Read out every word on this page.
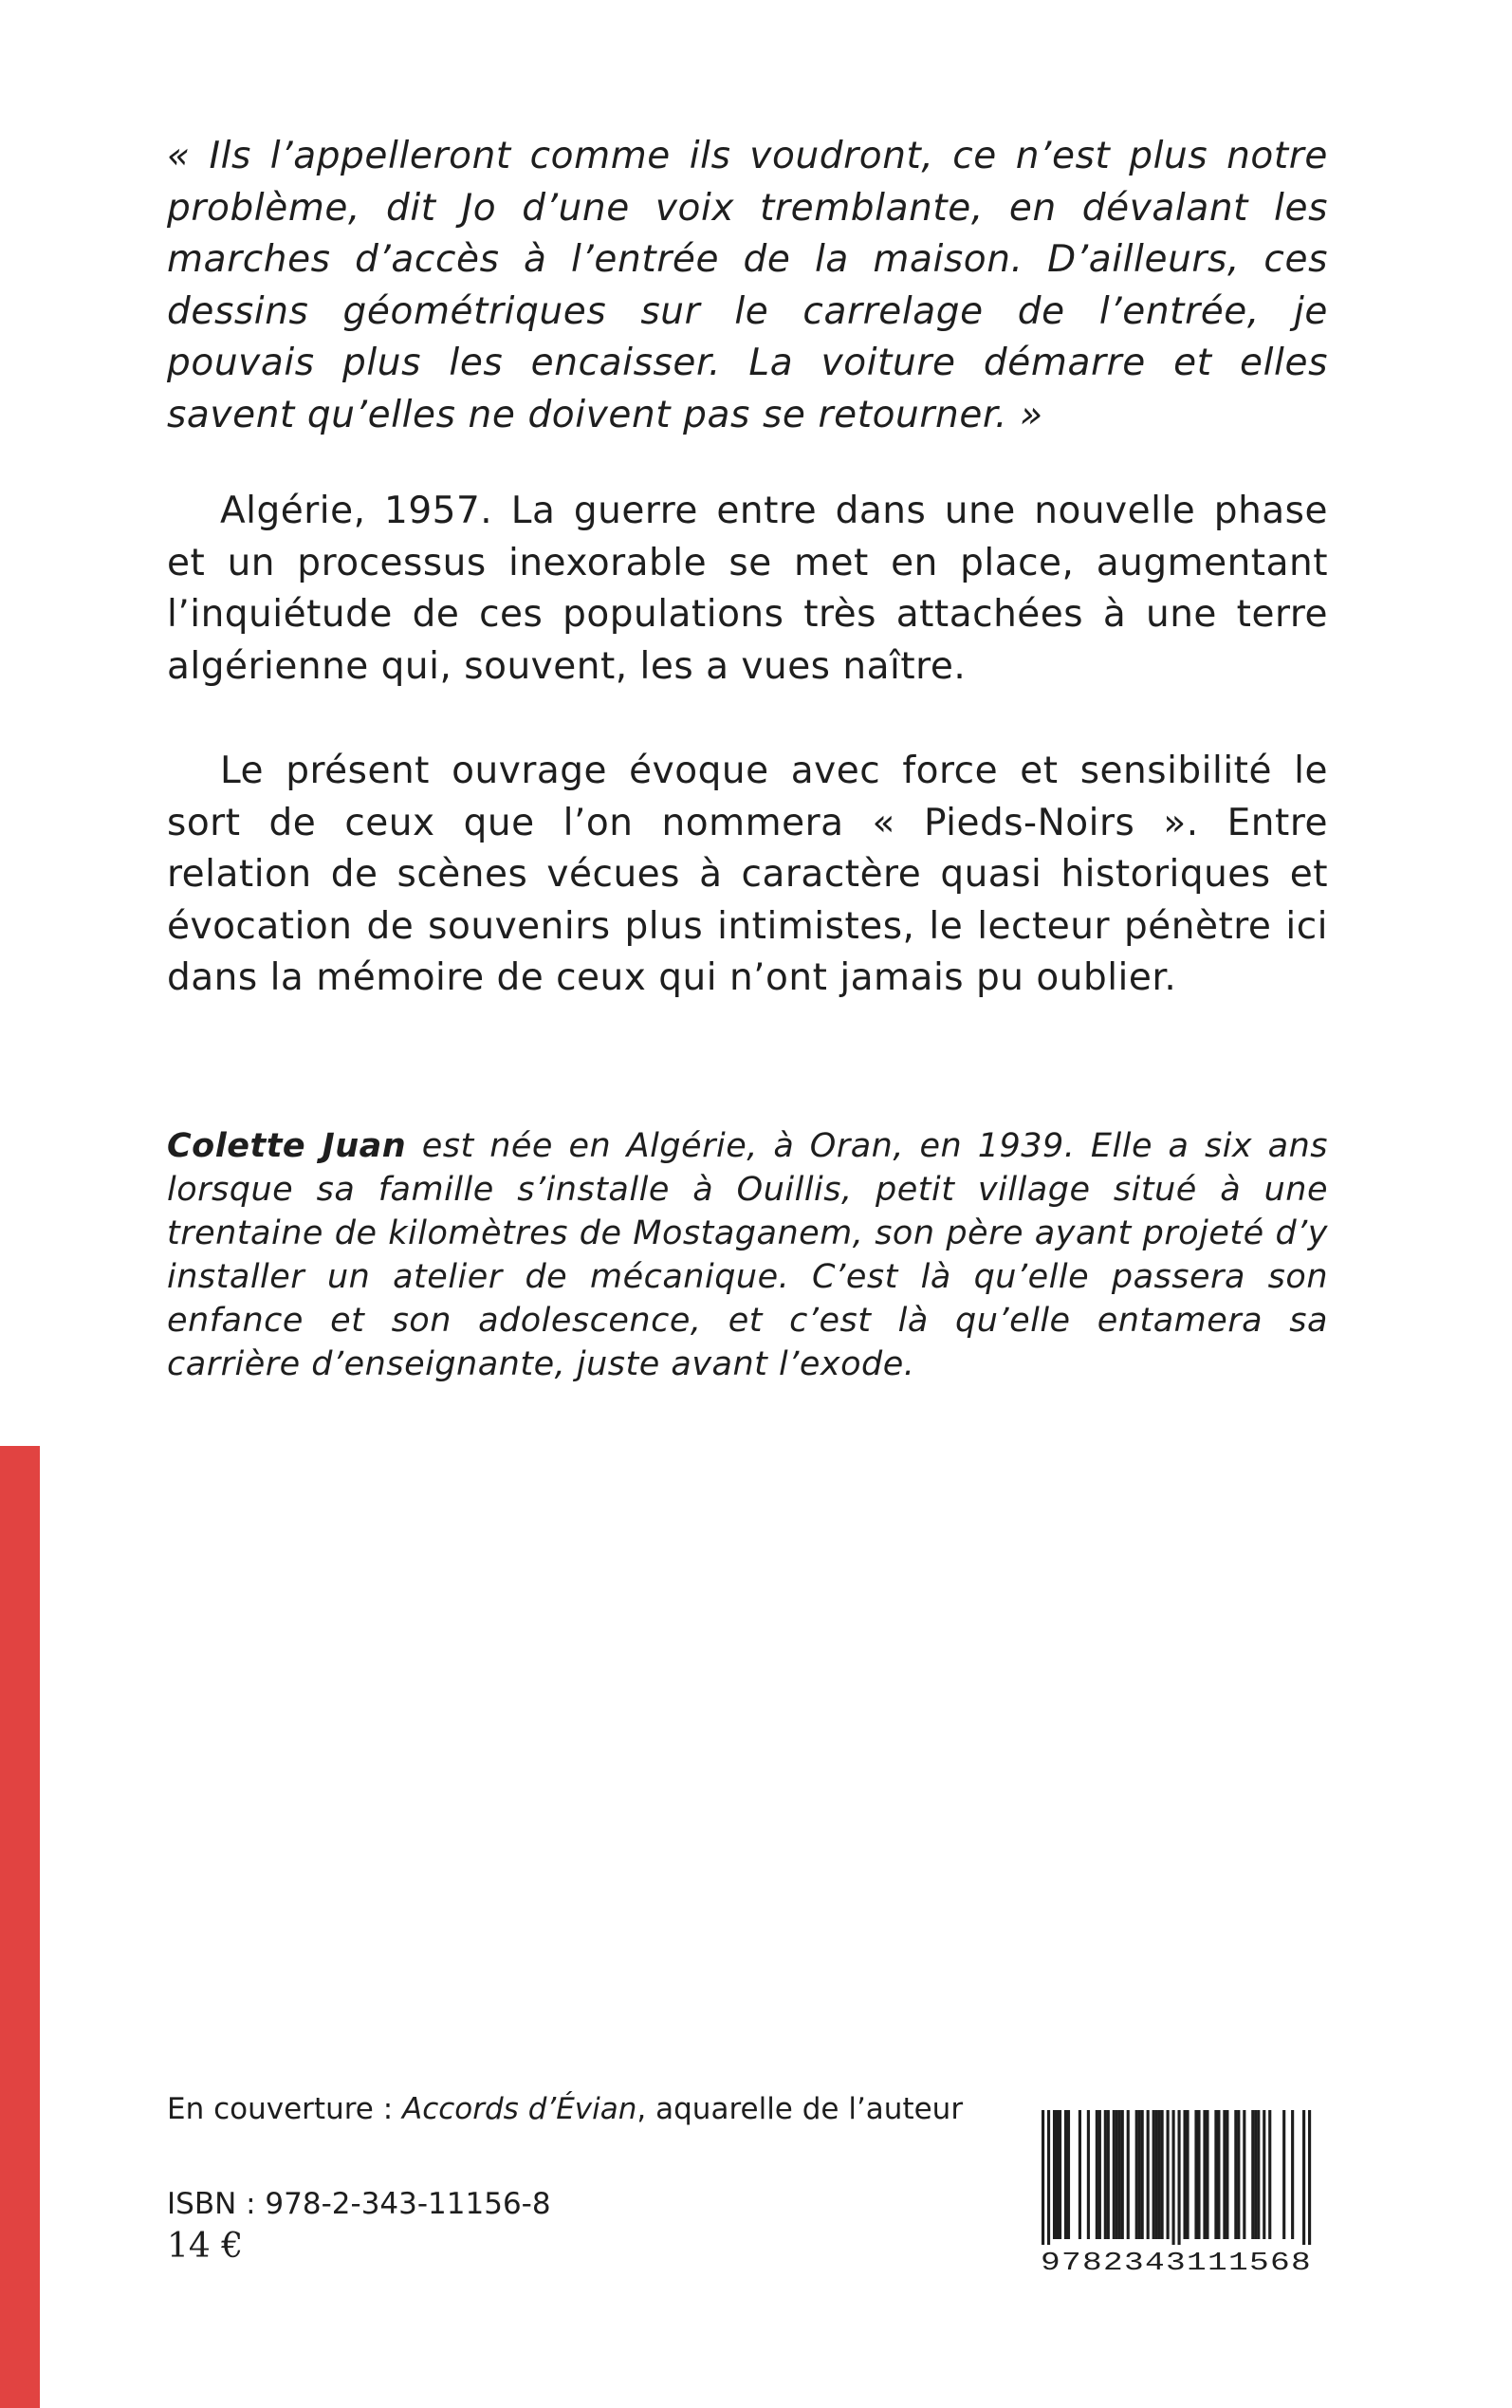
« Ils l’appelleront comme ils voudront, ce n’est plus notre problème, dit Jo d’une voix tremblante, en dévalant les marches d’accès à l’entrée de la maison. D’ailleurs, ces dessins géométriques sur le carrelage de l’entrée, je pouvais plus les encaisser. La voiture démarre et elles savent qu’elles ne doivent pas se retourner. »

Algérie, 1957. La guerre entre dans une nouvelle phase et un processus inexorable se met en place, augmentant l’inquiétude de ces populations très attachées à une terre algérienne qui, souvent, les a vues naître.

Le présent ouvrage évoque avec force et sensibilité le sort de ceux que l’on nommera « Pieds-Noirs ». Entre relation de scènes vécues à caractère quasi historiques et évocation de souvenirs plus intimistes, le lecteur pénètre ici dans la mémoire de ceux qui n’ont jamais pu oublier.

Colette Juan est née en Algérie, à Oran, en 1939. Elle a six ans lorsque sa famille s’installe à Ouillis, petit village situé à une trentaine de kilomètres de Mostaganem, son père ayant projeté d’y installer un atelier de mécanique. C’est là qu’elle passera son enfance et son adolescence, et c’est là qu’elle entamera sa carrière d’enseignante, juste avant l’exode.

En couverture : Accords d’Évian, aquarelle de l’auteur

ISBN : 978-2-343-11156-8

14 €	9782343111568
